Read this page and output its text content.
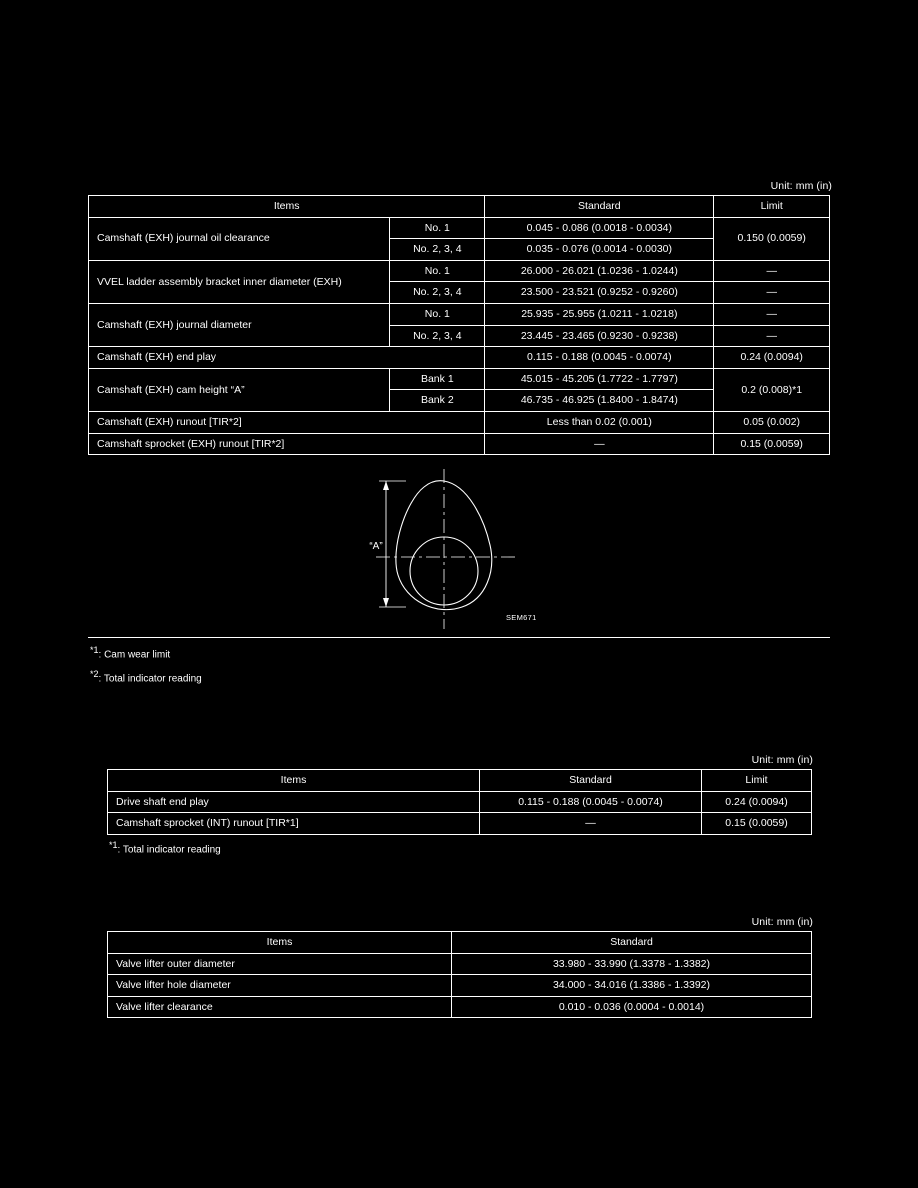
Unit: mm (in)
Items		Standard	Limit
Camshaft (EXH) journal oil clearance	No. 1	0.045 - 0.086 (0.0018 - 0.0034)	0.150 (0.0059)
	No. 2, 3, 4	0.035 - 0.076 (0.0014 - 0.0030)	
VVEL ladder assembly bracket inner diameter (EXH)	No. 1	26.000 - 26.021 (1.0236 - 1.0244)	—
	No. 2, 3, 4	23.500 - 23.521 (0.9252 - 0.9260)	—
Camshaft (EXH) journal diameter	No. 1	25.935 - 25.955 (1.0211 - 1.0218)	—
	No. 2, 3, 4	23.445 - 23.465 (0.9230 - 0.9238)	—
Camshaft (EXH) end play		0.115 - 0.188 (0.0045 - 0.0074)	0.24 (0.0094)
Camshaft (EXH) cam height “A”	Bank 1	45.015 - 45.205 (1.7722 - 1.7797)	0.2 (0.008)*1
	Bank 2	46.735 - 46.925 (1.8400 - 1.8474)	
Camshaft (EXH) runout [TIR*2]		Less than 0.02 (0.001)	0.05 (0.002)
Camshaft sprocket (EXH) runout [TIR*2]		—	0.15 (0.0059)
“A”
SEM671
*1: Cam wear limit
*2: Total indicator reading
Unit: mm (in)
Items	Standard	Limit
Drive shaft end play	0.115 - 0.188 (0.0045 - 0.0074)	0.24 (0.0094)
Camshaft sprocket (INT) runout [TIR*1]	—	0.15 (0.0059)
*1: Total indicator reading
Unit: mm (in)
Items	Standard
Valve lifter outer diameter	33.980 - 33.990 (1.3378 - 1.3382)
Valve lifter hole diameter	34.000 - 34.016 (1.3386 - 1.3392)
Valve lifter clearance	0.010 - 0.036 (0.0004 - 0.0014)
